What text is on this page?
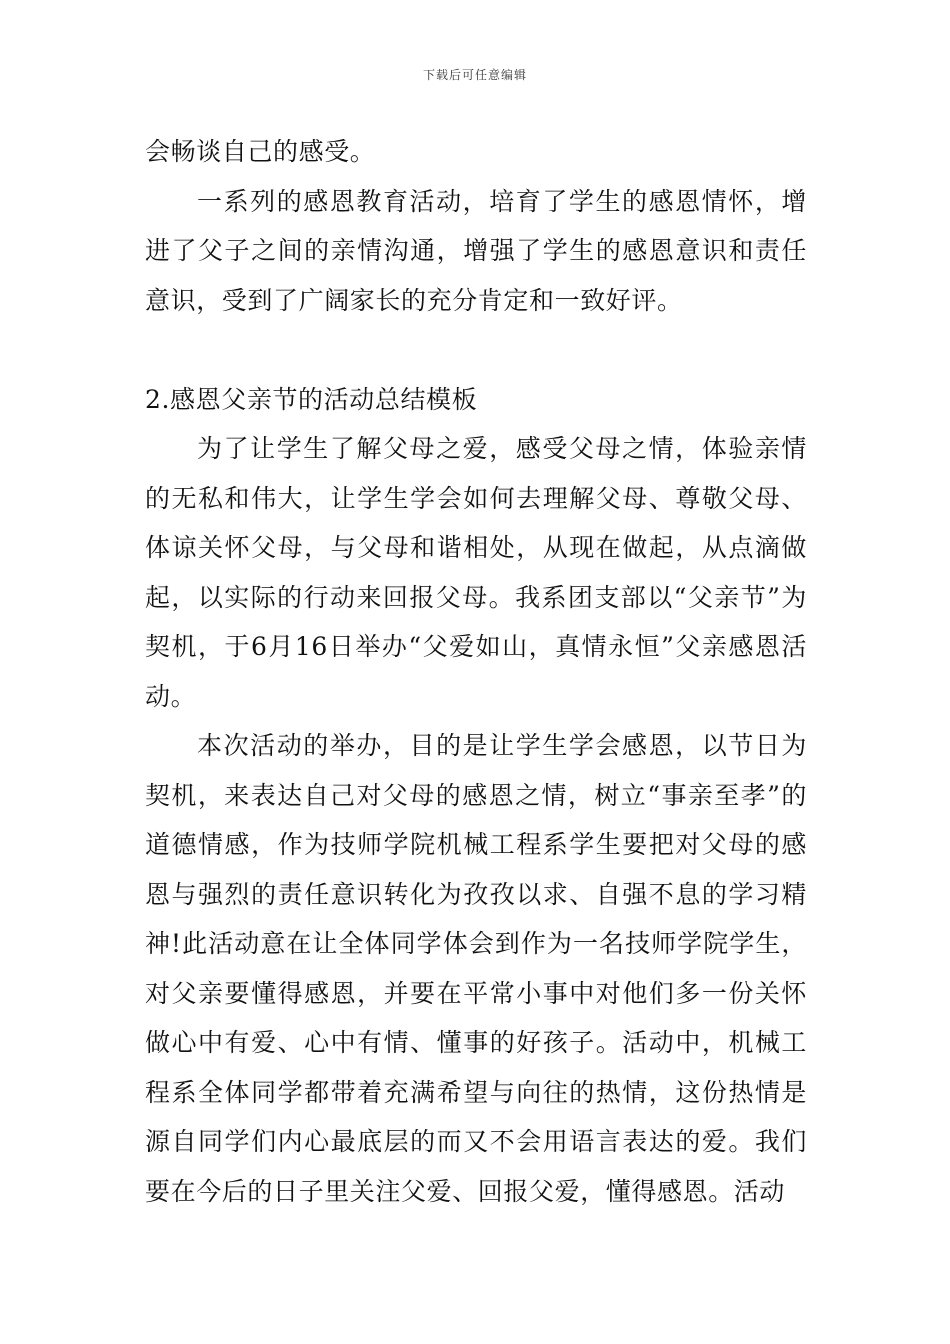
下载后可任意编辑

会畅谈自己的感受。

一系列的感恩教育活动，培育了学生的感恩情怀，增进了父子之间的亲情沟通，增强了学生的感恩意识和责任意识，受到了广阔家长的充分肯定和一致好评。

2.感恩父亲节的活动总结模板

为了让学生了解父母之爱，感受父母之情，体验亲情的无私和伟大，让学生学会如何去理解父母、尊敬父母、体谅关怀父母，与父母和谐相处，从现在做起，从点滴做起，以实际的行动来回报父母。我系团支部以“父亲节”为契机，于6月16日举办“父爱如山，真情永恒”父亲感恩活动。

本次活动的举办，目的是让学生学会感恩，以节日为契机，来表达自己对父母的感恩之情，树立“事亲至孝”的道德情感，作为技师学院机械工程系学生要把对父母的感恩与强烈的责任意识转化为孜孜以求、自强不息的学习精神!此活动意在让全体同学体会到作为一名技师学院学生，对父亲要懂得感恩，并要在平常小事中对他们多一份关怀做心中有爱、心中有情、懂事的好孩子。活动中，机械工程系全体同学都带着充满希望与向往的热情，这份热情是源自同学们内心最底层的而又不会用语言表达的爱。我们要在今后的日子里关注父爱、回报父爱，懂得感恩。活动
